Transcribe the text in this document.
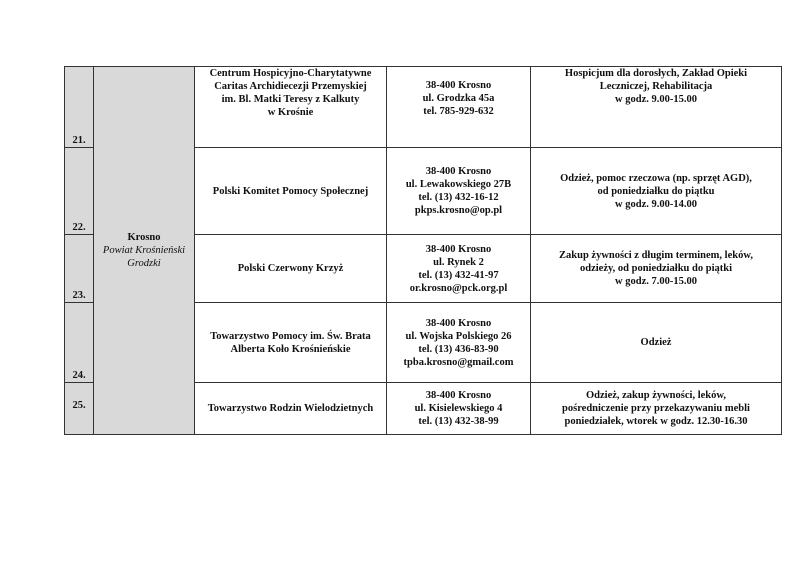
21.	Krosno
Powiat Krośnieński
Grodzki	Centrum Hospicyjno-Charytatywne
Caritas Archidiecezji Przemyskiej
im. Bl. Matki Teresy z Kalkuty
w Krośnie	38-400 Krosno
ul. Grodzka 45a
tel. 785-929-632	Hospicjum dla dorosłych, Zakład Opieki
Leczniczej, Rehabilitacja
w godz. 9.00-15.00

22.		Polski Komitet Pomocy Społecznej	38-400 Krosno
ul. Lewakowskiego 27B
tel. (13) 432-16-12
pkps.krosno@op.pl	Odzież, pomoc rzeczowa (np. sprzęt AGD),
od poniedziałku do piątku
w godz. 9.00-14.00

23.		Polski Czerwony Krzyż	38-400 Krosno
ul. Rynek 2
tel. (13) 432-41-97
or.krosno@pck.org.pl	Zakup żywności z długim terminem, leków,
odzieży, od poniedziałku do piątki
w godz. 7.00-15.00

24.		Towarzystwo Pomocy im. Św. Brata
Alberta Koło Krośnieńskie	38-400 Krosno
ul. Wojska Polskiego 26
tel. (13) 436-83-90
tpba.krosno@gmail.com	Odzież

25.		Towarzystwo Rodzin Wielodzietnych	38-400 Krosno
ul. Kisielewskiego 4
tel. (13) 432-38-99	Odzież, zakup żywności, leków,
pośredniczenie przy przekazywaniu mebli
poniedziałek, wtorek w godz. 12.30-16.30
